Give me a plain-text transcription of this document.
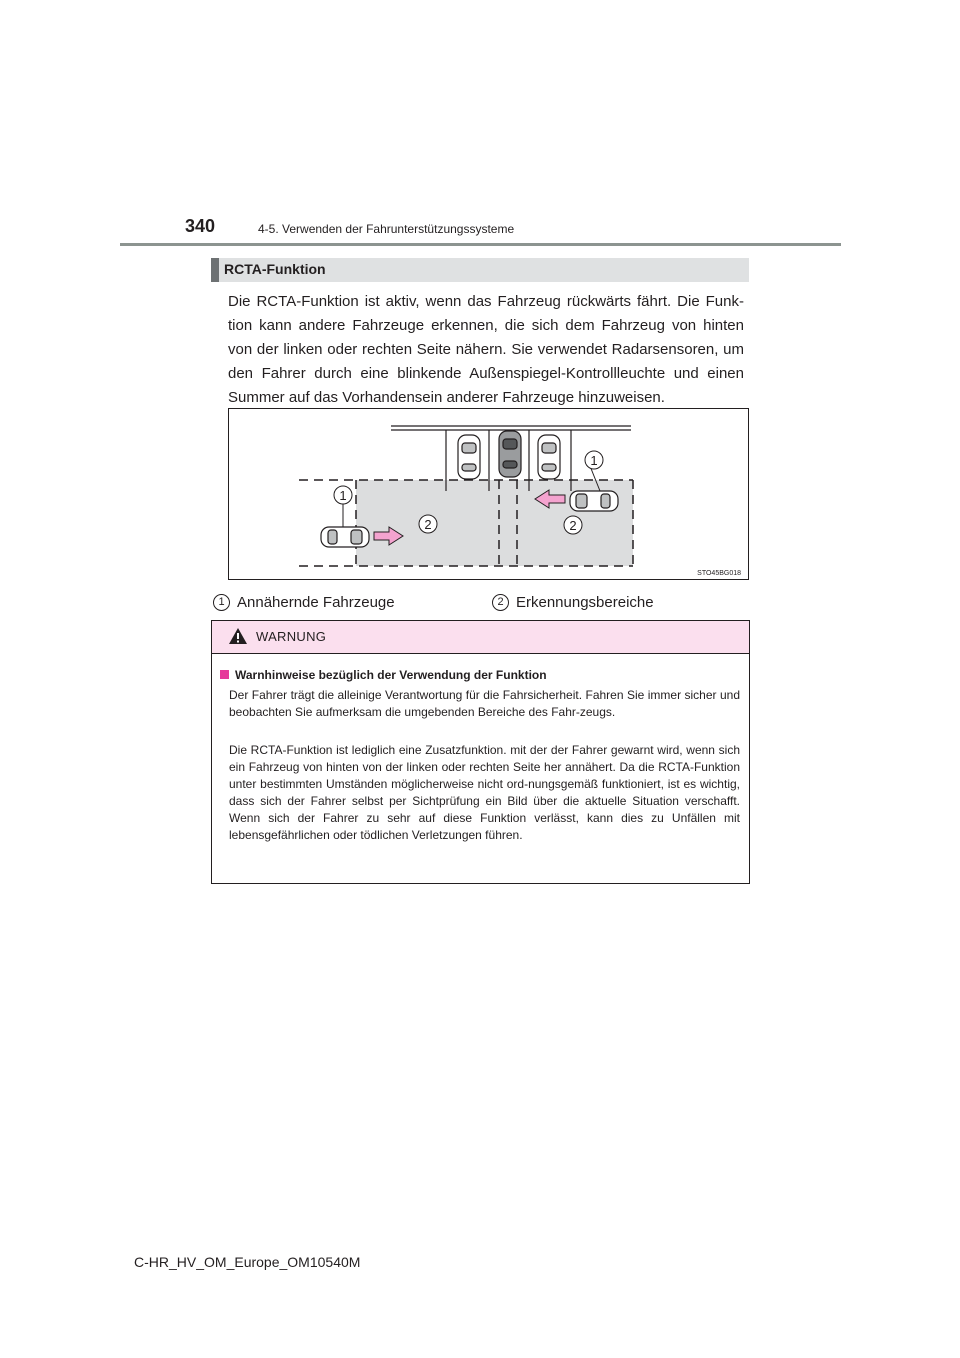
340	4-5. Verwenden der Fahrunterstützungssysteme
RCTA-Funktion
Die RCTA-Funktion ist aktiv, wenn das Fahrzeug rückwärts fährt. Die Funk-tion kann andere Fahrzeuge erkennen, die sich dem Fahrzeug von hinten von der linken oder rechten Seite nähern. Sie verwendet Radarsensoren, um den Fahrer durch eine blinkende Außenspiegel-Kontrollleuchte und einen Summer auf das Vorhandensein anderer Fahrzeuge hinzuweisen.
1
1
2	2
STO45BG018
1 Annähernde Fahrzeuge	2 Erkennungsbereiche
WARNUNG
Warnhinweise bezüglich der Verwendung der Funktion
Der Fahrer trägt die alleinige Verantwortung für die Fahrsicherheit. Fahren Sie immer sicher und beobachten Sie aufmerksam die umgebenden Bereiche des Fahr-zeugs.
Die RCTA-Funktion ist lediglich eine Zusatzfunktion. mit der der Fahrer gewarnt wird, wenn sich ein Fahrzeug von hinten von der linken oder rechten Seite her annähert. Da die RCTA-Funktion unter bestimmten Umständen möglicherweise nicht ord-nungsgemäß funktioniert, ist es wichtig, dass sich der Fahrer selbst per Sichtprüfung ein Bild über die aktuelle Situation verschafft. Wenn sich der Fahrer zu sehr auf diese Funktion verlässt, kann dies zu Unfällen mit lebensgefährlichen oder tödlichen Verletzungen führen.
C-HR_HV_OM_Europe_OM10540M
